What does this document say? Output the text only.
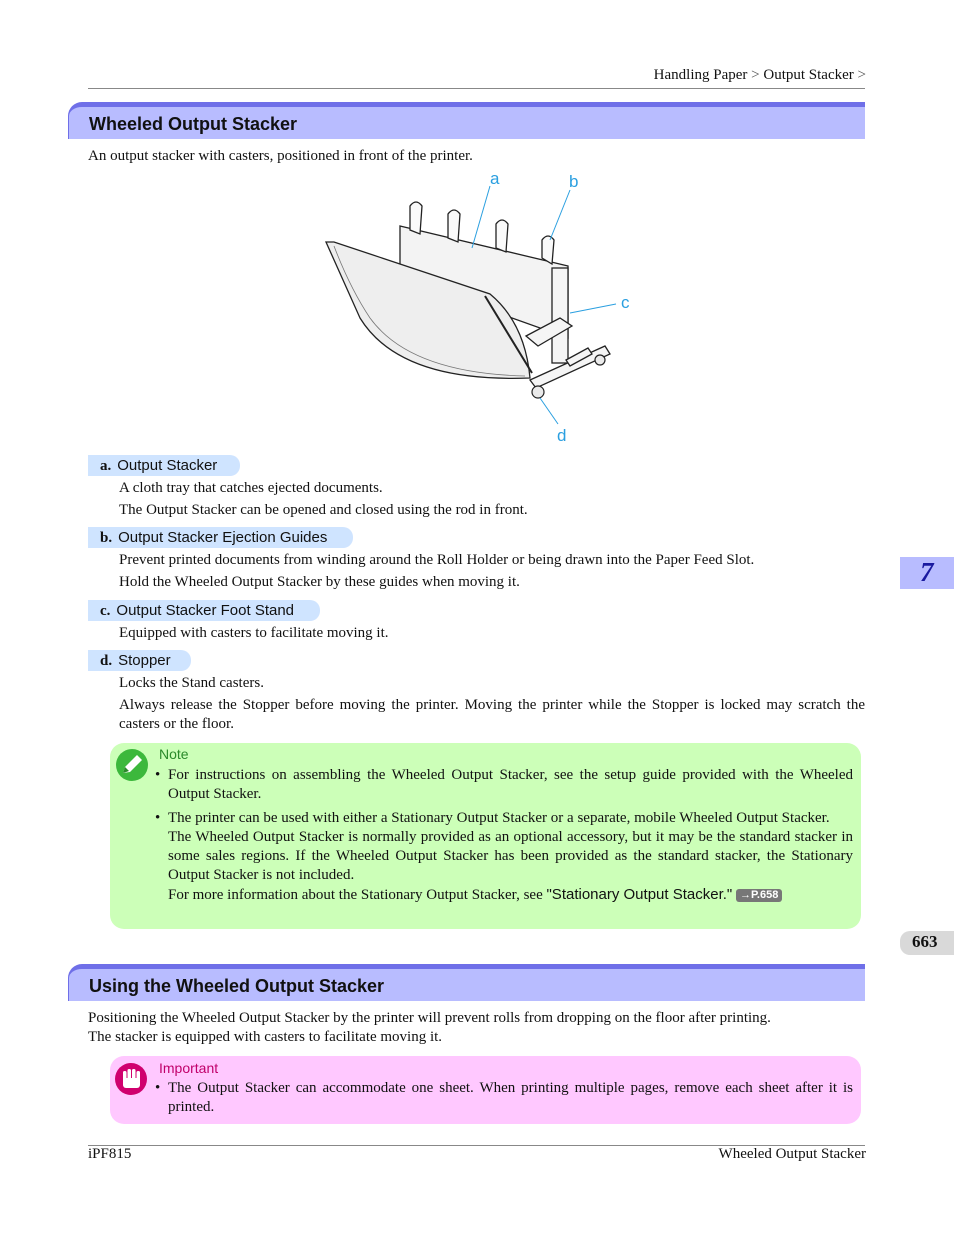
Handling Paper > Output Stacker >
Wheeled Output Stacker
An output stacker with casters, positioned in front of the printer.
a	b
c
d
a. Output Stacker
A cloth tray that catches ejected documents.
The Output Stacker can be opened and closed using the rod in front.
b. Output Stacker Ejection Guides
Prevent printed documents from winding around the Roll Holder or being drawn into the Paper Feed Slot.
Hold the Wheeled Output Stacker by these guides when moving it.
c. Output Stacker Foot Stand
Equipped with casters to facilitate moving it.
d. Stopper
Locks the Stand casters.
Always release the Stopper before moving the printer. Moving the printer while the Stopper is locked may scratch the casters or the floor.
Note
• For instructions on assembling the Wheeled Output Stacker, see the setup guide provided with the Wheeled Output Stacker.
• The printer can be used with either a Stationary Output Stacker or a separate, mobile Wheeled Output Stacker.
The Wheeled Output Stacker is normally provided as an optional accessory, but it may be the standard stacker in some sales regions. If the Wheeled Output Stacker has been provided as the standard stacker, the Stationary Output Stacker is not included.
For more information about the Stationary Output Stacker, see "Stationary Output Stacker." →P.658
Using the Wheeled Output Stacker
Positioning the Wheeled Output Stacker by the printer will prevent rolls from dropping on the floor after printing.
The stacker is equipped with casters to facilitate moving it.
Important
• The Output Stacker can accommodate one sheet. When printing multiple pages, remove each sheet after it is printed.
7
663
iPF815	Wheeled Output Stacker
